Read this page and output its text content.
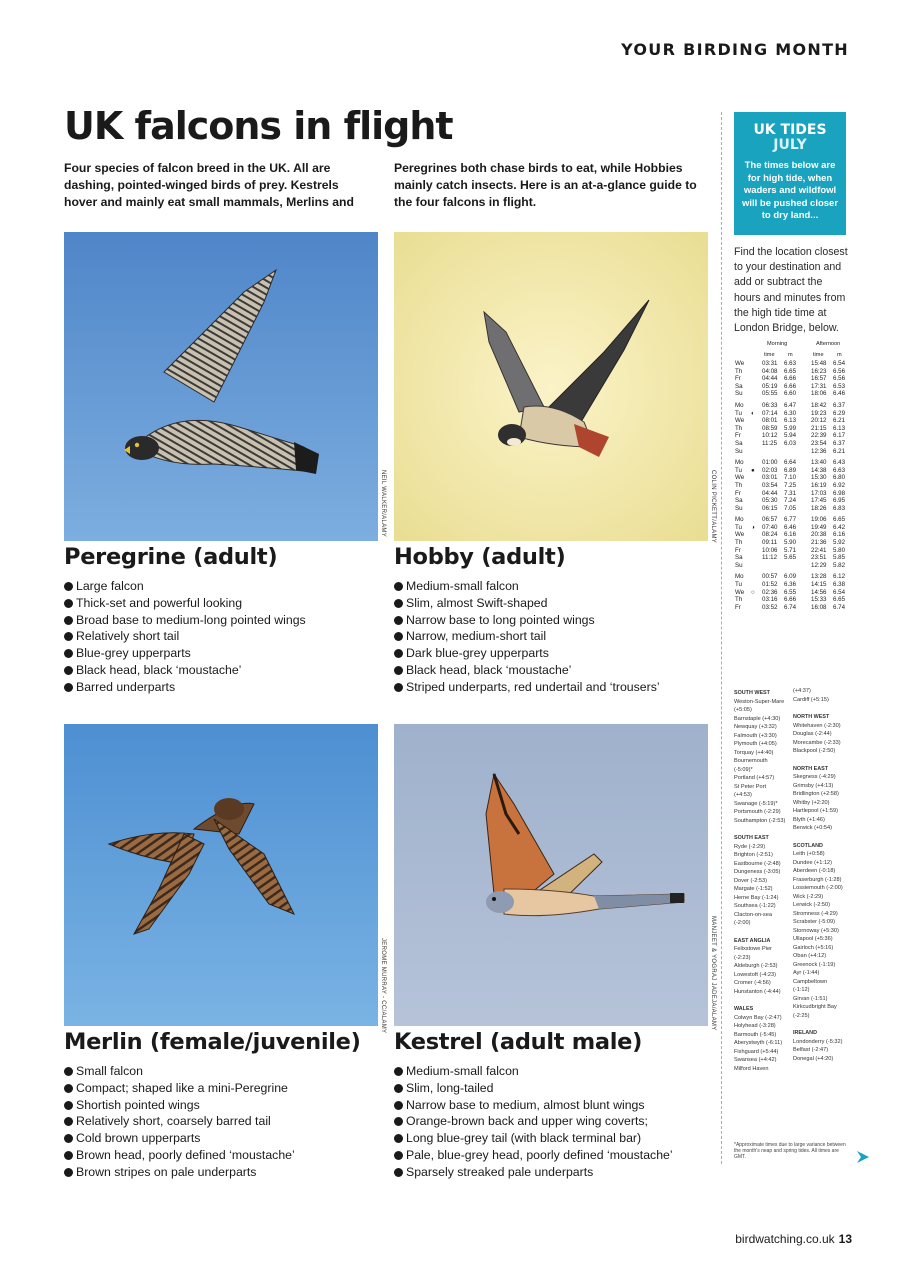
YOUR BIRDING MONTH
UK falcons in flight

Four species of falcon breed in the UK. All are dashing, pointed-winged birds of prey. Kestrels hover and mainly eat small mammals, Merlins and

Peregrines both chase birds to eat, while Hobbies mainly catch insects. Here is an at-a-glance guide to the four falcons in flight.

NEIL WALKER/ALAMY	COLIN PICKETT/ALAMY
Peregrine (adult)	Hobby (adult)
Large falcon
Thick-set and powerful looking
Broad base to medium-long pointed wings
Relatively short tail
Blue-grey upperparts
Black head, black ‘moustache’
Barred underparts
Medium-small falcon
Slim, almost Swift-shaped
Narrow base to long pointed wings
Narrow, medium-short tail
Dark blue-grey upperparts
Black head, black ‘moustache’
Striped underparts, red undertail and ‘trousers’
JEROME MURRAY - CC/ALAMY	MANJEET & YOGRAJ JADEJA/ALAMY
Merlin (female/juvenile) Kestrel (adult male)
Small falcon
Compact; shaped like a mini-Peregrine
Shortish pointed wings
Relatively short, coarsely barred tail
Cold brown upperparts
Brown head, poorly defined ‘moustache’
Brown stripes on pale underparts
Medium-small falcon
Slim, long-tailed
Narrow base to medium, almost blunt wings
Orange-brown back and upper wing coverts;
Long blue-grey tail (with black terminal bar)
Pale, blue-grey head, poorly defined ‘moustache’
Sparsely streaked pale underparts
UK TIDES
JULY
The times below are for high tide, when waders and wildfowl will be pushed closer to dry land...

Find the location closest to your destination and add or subtract the hours and minutes from the high tide time at London Bridge, below.

Morning	Afternoon
time m	time m
We	03:31 6.63 15:48 6.54
Th	04:08 6.65 16:23 6.56
Fr	04:44 6.66 16:57 6.56
Sa	05:19 6.66 17:31 6.53
Su	05:55 6.60 18:06 6.46
Mo	06:33 6.47 18:42 6.37
Tu ◐ 07:14 6.30 19:23 6.29
We	08:01 6.13 20:12 6.21
Th	08:59 5.99 21:15 6.13
Fr	10:12 5.94 22:39 6.17
Sa	11:25 6.03 23:54 6.37
Su	12:36 6.21
Mo	01:00 6.64 13:40 6.43
Tu ● 02:03 6.89 14:38 6.63
We	03:01 7.10 15:30 6.80
Th	03:54 7.25 16:19 6.92
Fr	04:44 7.31 17:03 6.98
Sa	05:30 7.24 17:45 6.95
Su	06:15 7.05 18:26 6.83
Mo	06:57 6.77 19:06 6.65
Tu ◑ 07:40 6.46 19:49 6.42
We	08:24 6.16 20:38 6.16
Th	09:11 5.90 21:36 5.92
Fr	10:06 5.71 22:41 5.80
Sa	11:12 5.65 23:51 5.85
Su	12:29 5.82
Mo	00:57 6.09 13:28 6.12
Tu	01:52 6.36 14:15 6.38
We ○ 02:36 6.55 14:56 6.54
Th	03:16 6.66 15:33 6.65
Fr	03:52 6.74 16:08 6.74
SOUTH WEST
Weston-Super-Mare
(+5:05)
Barnstaple (+4:30)
Newquay (+3:32)
Falmouth (+3:30)
Plymouth (+4:05)
Torquay (+4:40)
Bournemouth
(-5:09)*
Portland (+4:57)
St Peter Port
(+4:53)
Swanage (-5:19)*
Portsmouth (-2:29)
Southampton (-2:53)
SOUTH EAST
Ryde (-2:29)
Brighton (-2:51)
Eastbourne (-2:48)
Dungeness (-3:05)
Dover (-2:53)
Margate (-1:52)
Herne Bay (-1:24)
Southsea (-1:22)
Clacton-on-sea
(-2:00)
EAST ANGLIA
Felixstowe Pier
(-2:23)
Aldeburgh (-2:53)
Lowestoft (-4:23)
Cromer (-4:56)
Hunstanton (-4:44)
WALES
Colwyn Bay (-2:47)
Holyhead (-3:28)
Barmouth (-5:45)
Aberystwyth (-6:11)
Fishguard (+5:44)
Swansea (+4:42)
Milford Haven
(+4:37)
Cardiff (+5:15)
NORTH WEST
Whitehaven (-2:30)
Douglas (-2:44)
Morecambe (-2:33)
Blackpool (-2:50)
NORTH EAST
Skegness (-4:29)
Grimsby (+4:13)
Bridlington (+2:58)
Whitby (+2:20)
Hartlepool (+1:59)
Blyth (+1:46)
Berwick (+0:54)
SCOTLAND
Leith (+0:58)
Dundee (+1:12)
Aberdeen (-0:18)
Fraserburgh (-1:28)
Lossiemouth (-2:00)
Wick (-2:29)
Lerwick (-2:50)
Stromness (-4:29)
Scrabster (-5:09)
Stornoway (+5:30)
Ullapool (+5:36)
Gairloch (+5:16)
Oban (+4:12)
Greenock (-1:19)
Ayr (-1:44)
Campbeltown
(-1:12)
Girvan (-1:51)
Kirkcudbright Bay
(-2:25)
IRELAND
Londonderry (-5:32)
Belfast (-2:47)
Donegal (+4:20)

*Approximate times due to large variance between the month's neap and spring tides. All times are GMT.

birdwatching.co.uk 13
